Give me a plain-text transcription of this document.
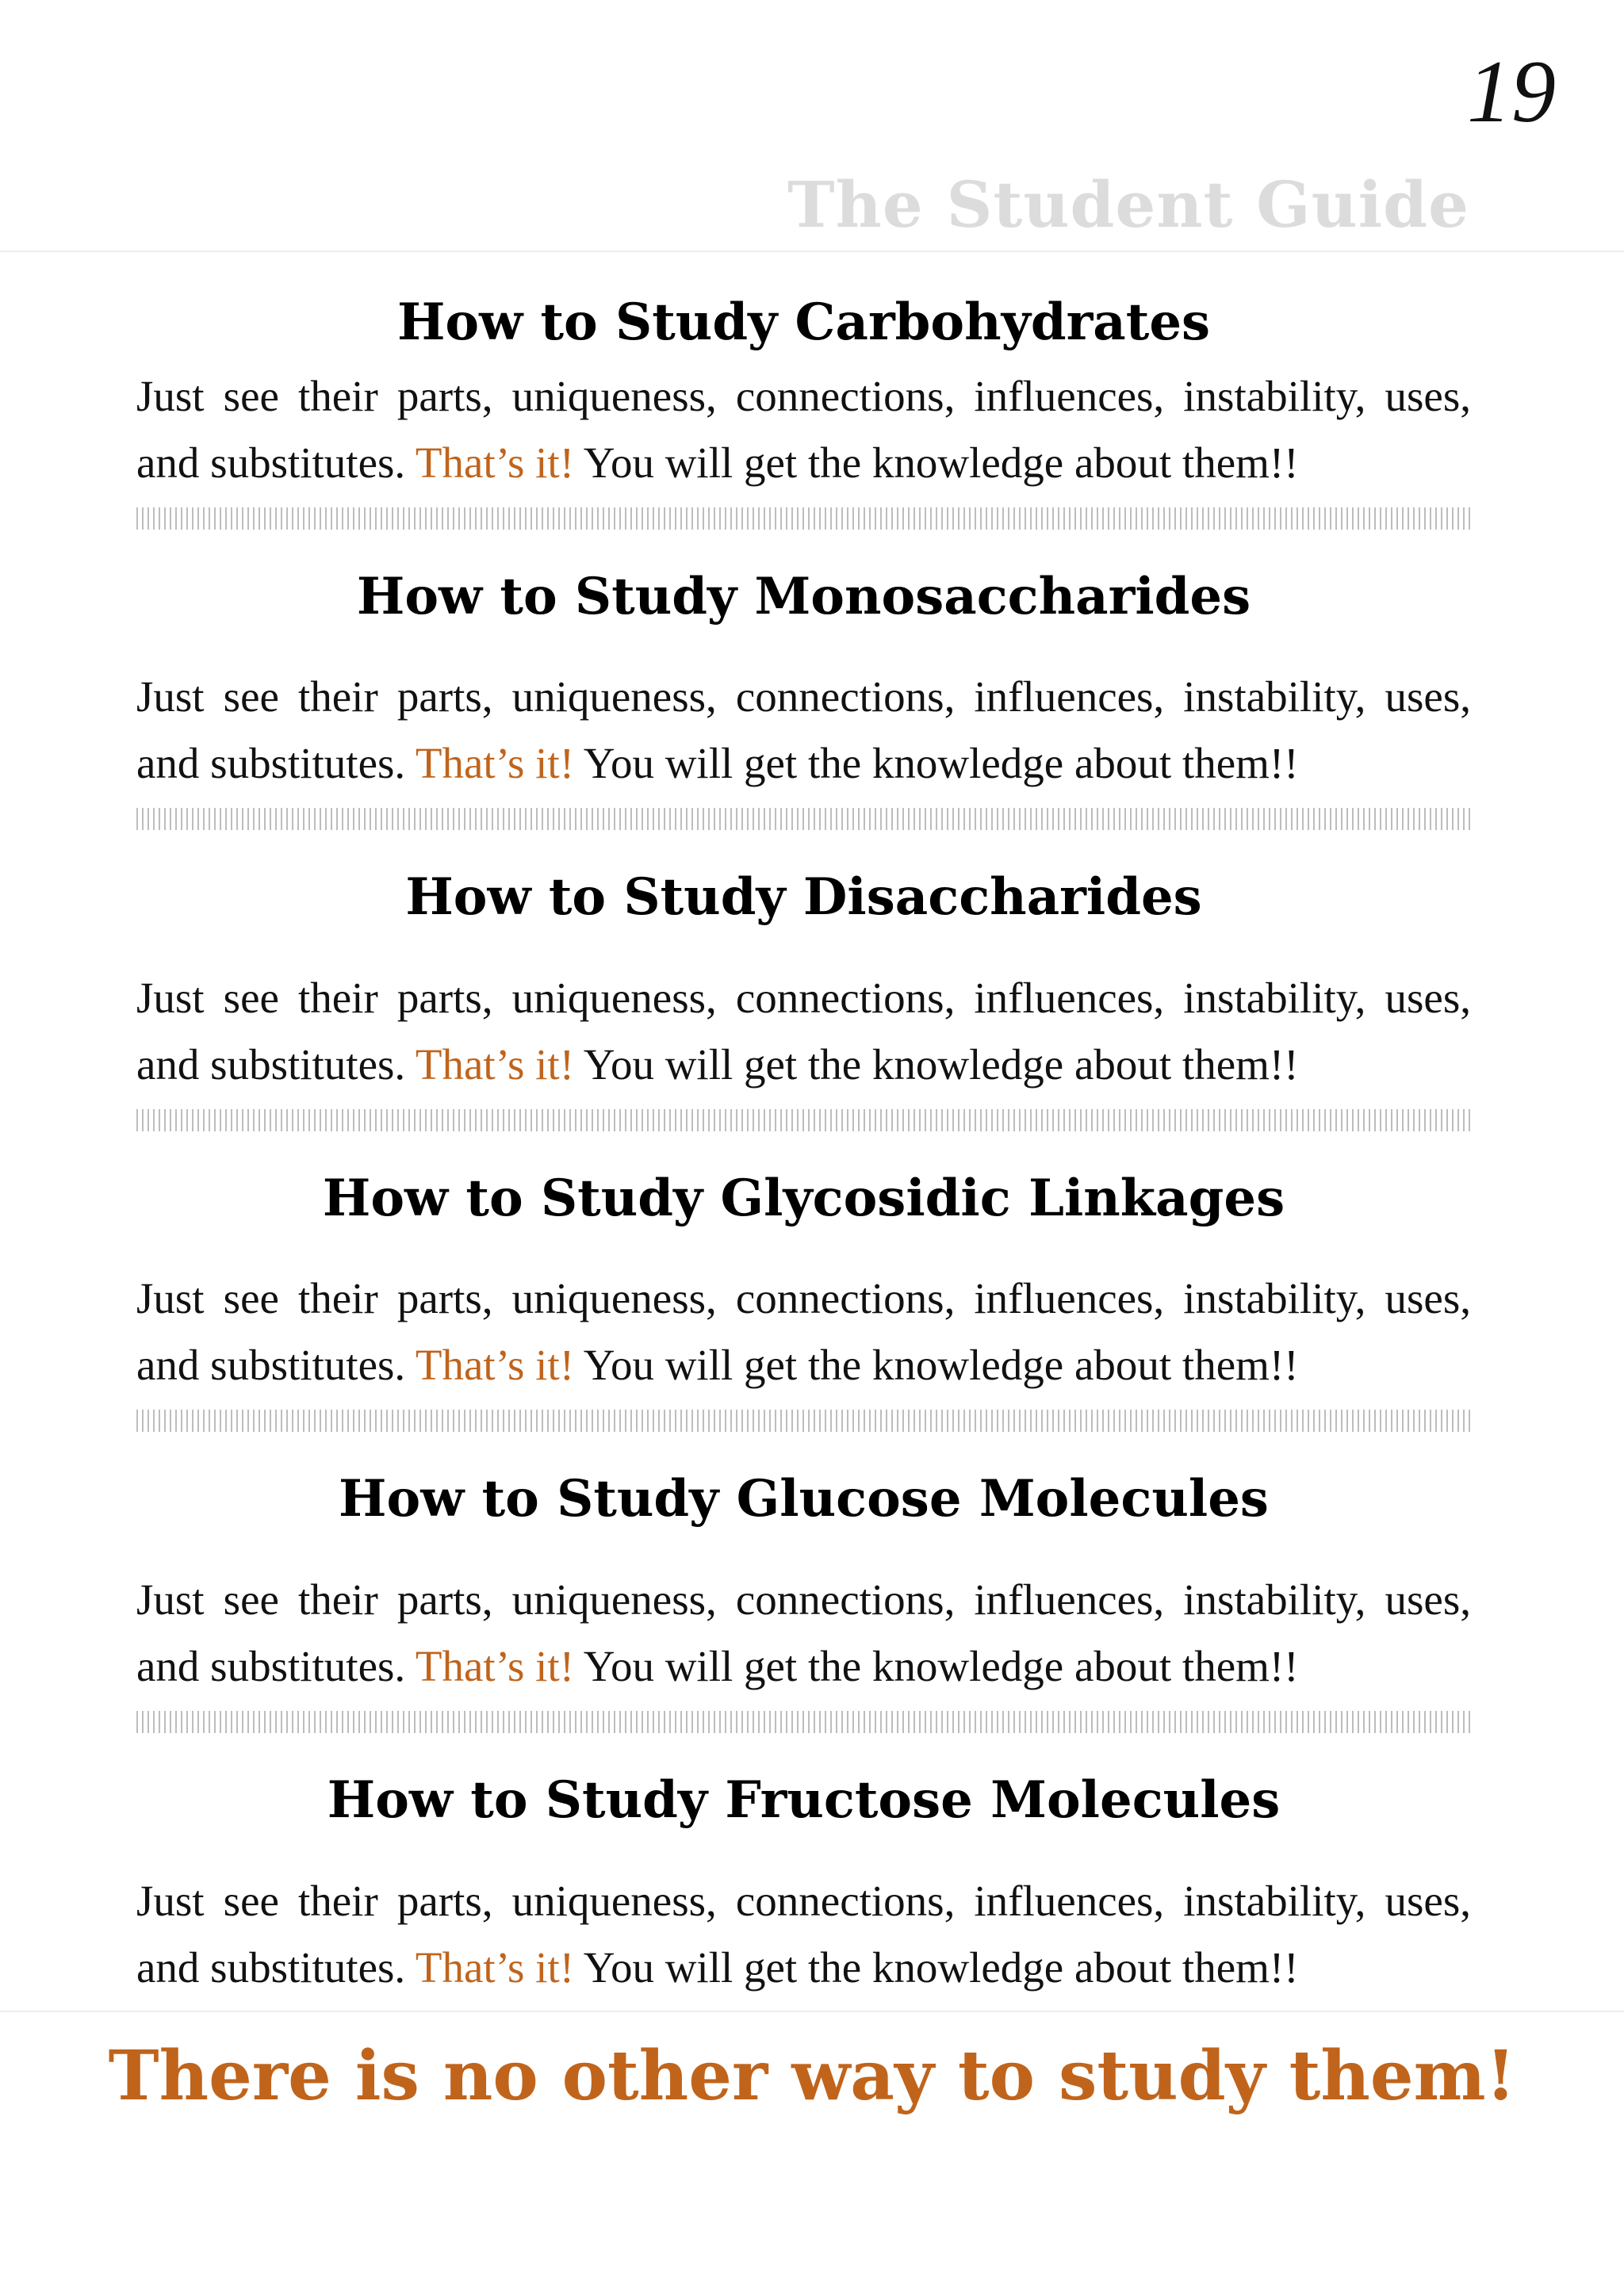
19
The Student Guide
How to Study Carbohydrates

Just see their parts, uniqueness, connections, influences, instability, uses, and substitutes. That’s it! You will get the knowledge about them!!

How to Study Monosaccharides

Just see their parts, uniqueness, connections, influences, instability, uses, and substitutes. That’s it! You will get the knowledge about them!!

How to Study Disaccharides

Just see their parts, uniqueness, connections, influences, instability, uses, and substitutes. That’s it! You will get the knowledge about them!!

How to Study Glycosidic Linkages

Just see their parts, uniqueness, connections, influences, instability, uses, and substitutes. That’s it! You will get the knowledge about them!!

How to Study Glucose Molecules

Just see their parts, uniqueness, connections, influences, instability, uses, and substitutes. That’s it! You will get the knowledge about them!!

How to Study Fructose Molecules

Just see their parts, uniqueness, connections, influences, instability, uses, and substitutes. That’s it! You will get the knowledge about them!!

There is no other way to study them!
